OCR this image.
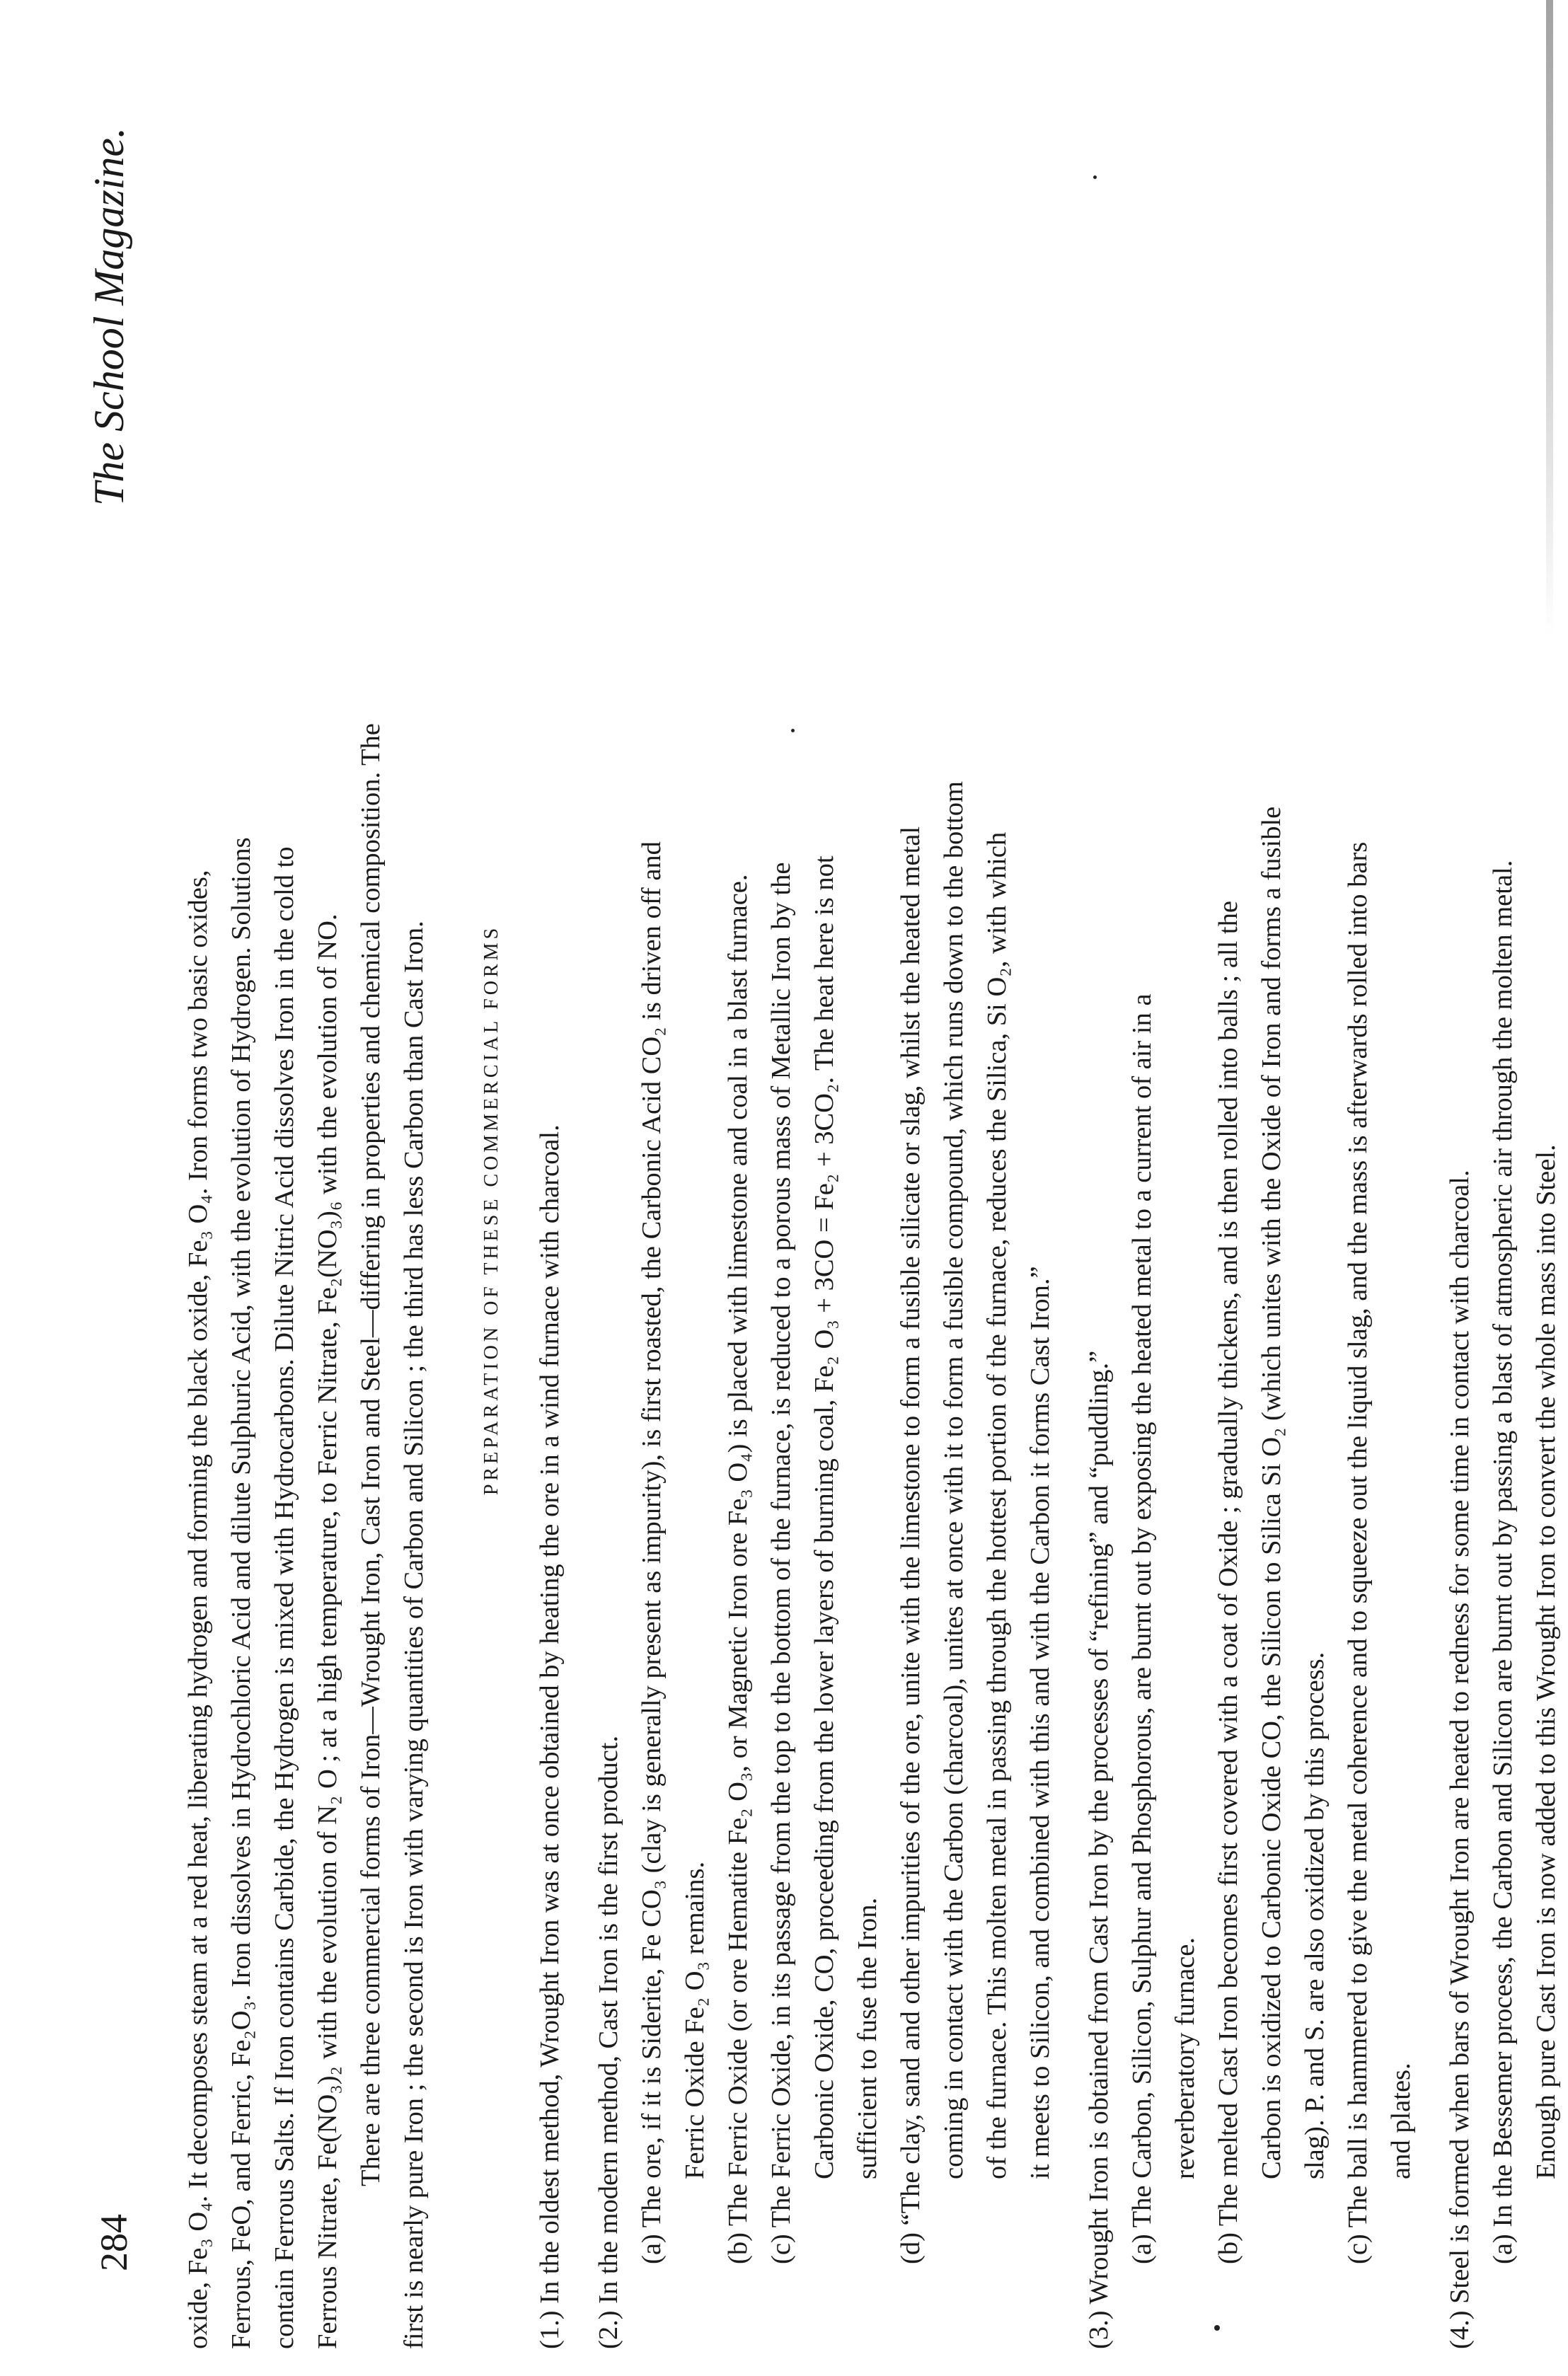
284
The School Magazine.

oxide, Fe₃ O₄. It decomposes steam at a red heat, liberating hydrogen and forming the black oxide, Fe₃ O₄. Iron forms two basic oxides, Ferrous, FeO, and Ferric, Fe₂O₃. Iron dissolves in Hydrochloric Acid and dilute Sulphuric Acid, with the evolution of Hydrogen. Solutions contain Ferrous Salts. If Iron contains Carbide, the Hydrogen is mixed with Hydrocarbons. Dilute Nitric Acid dissolves Iron in the cold to Ferrous Nitrate, Fe(NO₃)₂ with the evolution of N₂ O ; at a high temperature, to Ferric Nitrate, Fe₂(NO₃)₆ with the evolution of NO. There are three commercial forms of Iron—Wrought Iron, Cast Iron and Steel—differing in properties and chemical composition. The first is nearly pure Iron ; the second is Iron with varying quantities of Carbon and Silicon ; the third has less Carbon than Cast Iron.	PREPARATION OF THESE COMMERCIAL FORMS	(1.) In the oldest method, Wrought Iron was at once obtained by heating the ore in a wind furnace with charcoal. (2.) In the modern method, Cast Iron is the first product. (a) The ore, if it is Siderite, Fe CO₃ (clay is generally present as impurity), is first roasted, the Carbonic Acid CO₂ is driven off and Ferric Oxide Fe₂ O₃ remains. (b) The Ferric Oxide (or ore Hematite Fe₂ O₃, or Magnetic Iron ore Fe₃ O₄) is placed with limestone and coal in a blast furnace. (c) The Ferric Oxide, in its passage from the top to the bottom of the furnace, is reduced to a porous mass of Metallic Iron by the Carbonic Oxide, CO, proceeding from the lower layers of burning coal, Fe₂ O₃ + 3CO = Fe₂ + 3CO₂. The heat here is not sufficient to fuse the Iron. (d) “The clay, sand and other impurities of the ore, unite with the limestone to form a fusible silicate or slag, whilst the heated metal coming in contact with the Carbon (charcoal), unites at once with it to form a fusible compound, which runs down to the bottom of the furnace. This molten metal in passing through the hottest portion of the furnace, reduces the Silica, Si O₂, with which it meets to Silicon, and combined with this and with the Carbon it forms Cast Iron.” (3.) Wrought Iron is obtained from Cast Iron by the processes of “refining” and “puddling.” (a) The Carbon, Silicon, Sulphur and Phosphorous, are burnt out by exposing the heated metal to a current of air in a reverberatory furnace. (b) The melted Cast Iron becomes first covered with a coat of Oxide ; gradually thickens, and is then rolled into balls ; all the Carbon is oxidized to Carbonic Oxide CO, the Silicon to Silica Si O₂ (which unites with the Oxide of Iron and forms a fusible slag). P. and S. are also oxidized by this process. (c) The ball is hammered to give the metal coherence and to squeeze out the liquid slag, and the mass is afterwards rolled into bars and plates. (4.) Steel is formed when bars of Wrought Iron are heated to redness for some time in contact with charcoal. (a) In the Bessemer process, the Carbon and Silicon are burnt out by passing a blast of atmospheric air through the molten metal. Enough pure Cast Iron is now added to this Wrought Iron to convert the whole mass into Steel.
